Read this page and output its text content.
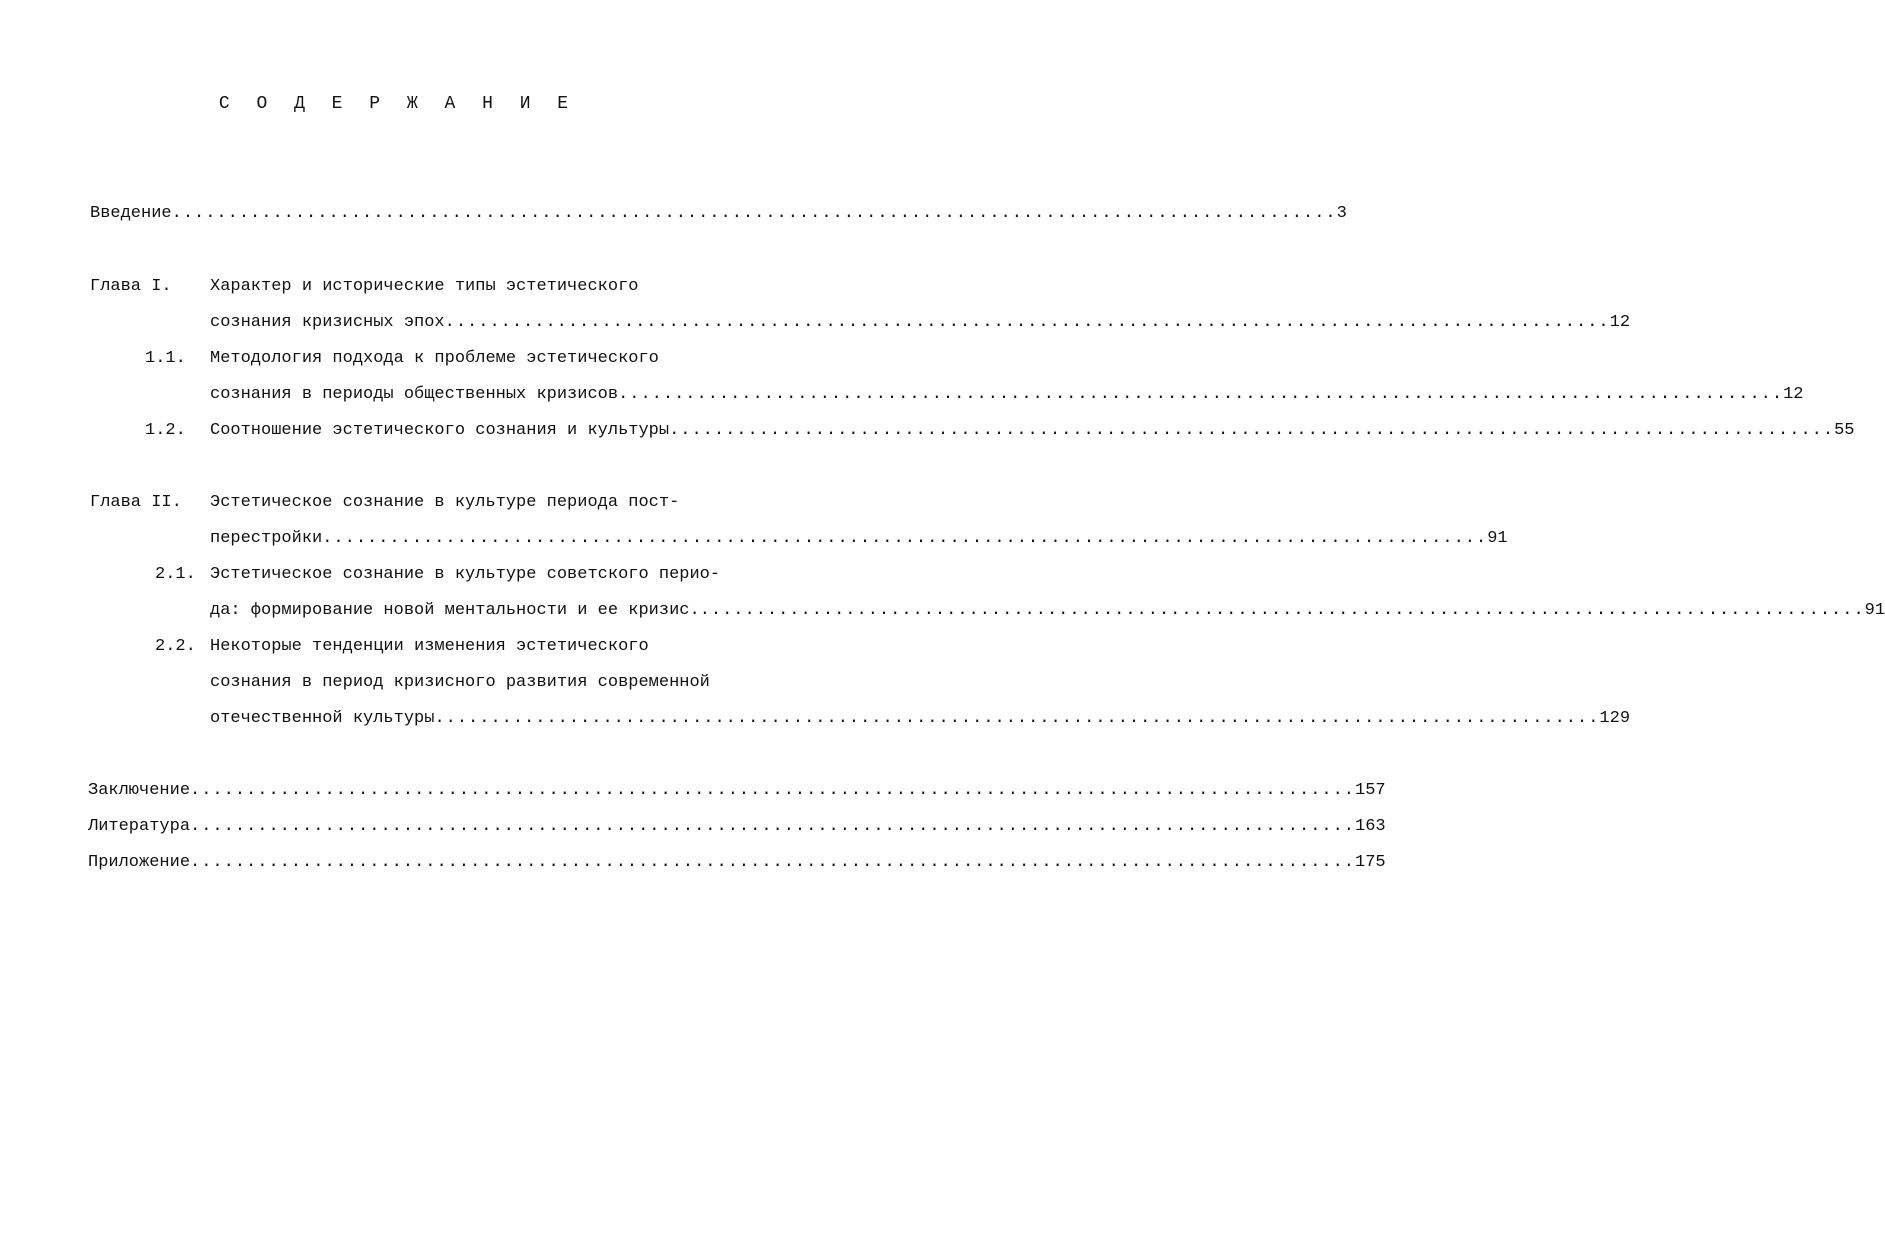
С О Д Е Р Ж А Н И Е
Введение ........................................................................................................ 3
Глава I. Характер и исторические типы эстетического
сознания кризисных эпох ........................................................................................................ 12
1.1. Методология подхода к проблеме эстетического
сознания в периоды общественных кризисов ........................................................................................................ 12
1.2. Соотношение эстетического сознания и культуры ........................................................................................................ 55
Глава II. Эстетическое сознание в культуре периода пост-
перестройки ........................................................................................................ 91
2.1. Эстетическое сознание в культуре советского перио-
да: формирование новой ментальности и ее кризис. ........................................................................................................ 91
2.2. Некоторые тенденции изменения эстетического
сознания в период кризисного развития современной
отечественной культуры ........................................................................................................ 129
Заключение ........................................................................................................ 157
Литература ........................................................................................................ 163
Приложение ........................................................................................................ 175
